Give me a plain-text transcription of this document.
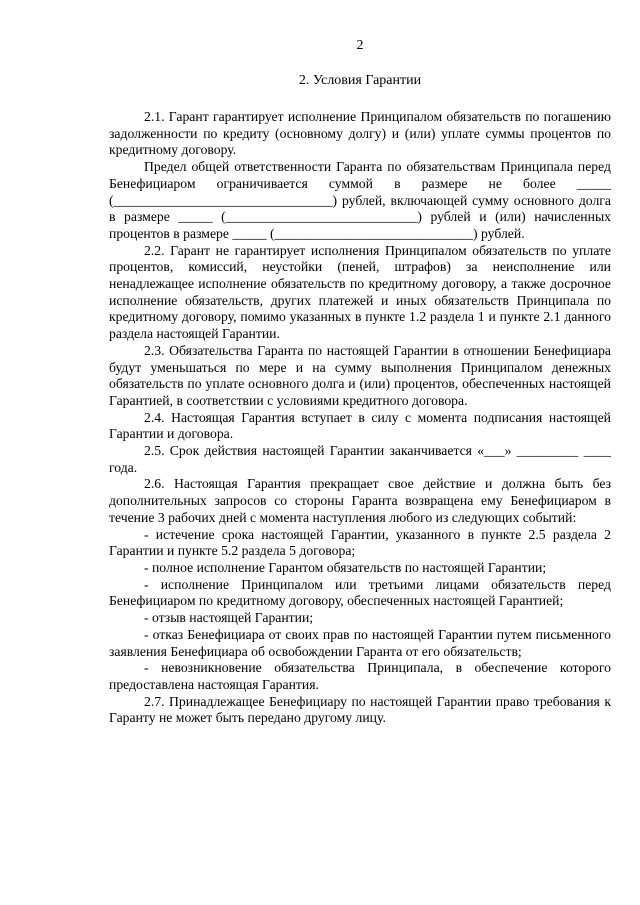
2
2. Условия Гарантии

2.1. Гарант гарантирует исполнение Принципалом обязательств по погашению задолженности по кредиту (основному долгу) и (или) уплате суммы процентов по кредитному договору.

Предел общей ответственности Гаранта по обязательствам Принципала перед Бенефициаром ограничивается суммой в размере не более _____ (________________________________) рублей, включающей сумму основного долга в размере _____ (____________________________) рублей и (или) начисленных процентов в размере _____ (_____________________________) рублей.

2.2. Гарант не гарантирует исполнения Принципалом обязательств по уплате процентов, комиссий, неустойки (пеней, штрафов) за неисполнение или ненадлежащее исполнение обязательств по кредитному договору, а также досрочное исполнение обязательств, других платежей и иных обязательств Принципала по кредитному договору, помимо указанных в пункте 1.2 раздела 1 и пункте 2.1 данного раздела настоящей Гарантии.

2.3. Обязательства Гаранта по настоящей Гарантии в отношении Бенефициара будут уменьшаться по мере и на сумму выполнения Принципалом денежных обязательств по уплате основного долга и (или) процентов, обеспеченных настоящей Гарантией, в соответствии с условиями кредитного договора.

2.4. Настоящая Гарантия вступает в силу с момента подписания настоящей Гарантии и договора.

2.5. Срок действия настоящей Гарантии заканчивается «___» _________ ____ года.

2.6. Настоящая Гарантия прекращает свое действие и должна быть без дополнительных запросов со стороны Гаранта возвращена ему Бенефициаром в течение 3 рабочих дней с момента наступления любого из следующих событий:

- истечение срока настоящей Гарантии, указанного в пункте 2.5 раздела 2 Гарантии и пункте 5.2 раздела 5 договора;

- полное исполнение Гарантом обязательств по настоящей Гарантии;

- исполнение Принципалом или третьими лицами обязательств перед Бенефициаром по кредитному договору, обеспеченных настоящей Гарантией;

- отзыв настоящей Гарантии;

- отказ Бенефициара от своих прав по настоящей Гарантии путем письменного заявления Бенефициара об освобождении Гаранта от его обязательств;

- невозникновение обязательства Принципала, в обеспечение которого предоставлена настоящая Гарантия.

2.7. Принадлежащее Бенефициару по настоящей Гарантии право требования к Гаранту не может быть передано другому лицу.
